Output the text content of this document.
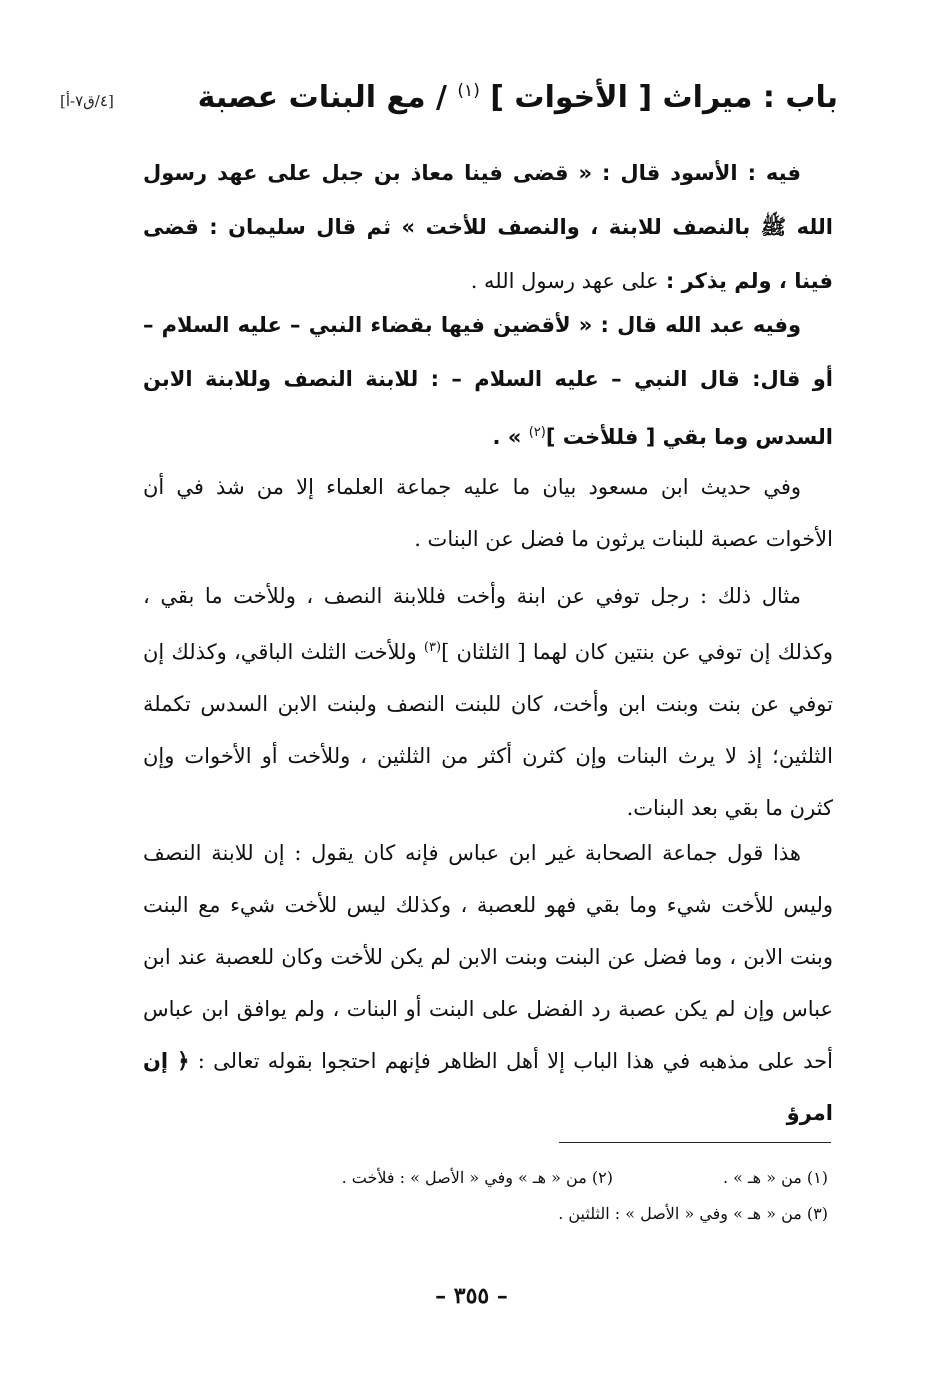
[٤/ق٧-أ]	باب : ميراث [ الأخوات ] $^{(١)}$ / مع البنات عصبة

فيه : الأسود قال : « قضى فينا معاذ بن جبل على عهد رسول الله ﷺ بالنصف للابنة ، والنصف للأخت » ثم قال سليمان : قضى فينا ، ولم يذكر : على عهد رسول الله .

وفيه عبد الله قال : « لأقضين فيها بقضاء النبي – عليه السلام – أو قال: قال النبي – عليه السلام – : للابنة النصف وللابنة الابن السدس وما بقي [ فللأخت ]$^{(٢)}$ » .

وفي حديث ابن مسعود بيان ما عليه جماعة العلماء إلا من شذ في أن الأخوات عصبة للبنات يرثون ما فضل عن البنات .

مثال ذلك : رجل توفي عن ابنة وأخت فللابنة النصف ، وللأخت ما بقي ، وكذلك إن توفي عن بنتين كان لهما [ الثلثان ]$^{(٣)}$ وللأخت الثلث الباقي، وكذلك إن توفي عن بنت وبنت ابن وأخت، كان للبنت النصف ولبنت الابن السدس تكملة الثلثين؛ إذ لا يرث البنات وإن كثرن أكثر من الثلثين ، وللأخت أو الأخوات وإن كثرن ما بقي بعد البنات.

هذا قول جماعة الصحابة غير ابن عباس فإنه كان يقول : إن للابنة النصف وليس للأخت شيء وما بقي فهو للعصبة ، وكذلك ليس للأخت شيء مع البنت وبنت الابن ، وما فضل عن البنت وبنت الابن لم يكن للأخت وكان للعصبة عند ابن عباس وإن لم يكن عصبة رد الفضل على البنت أو البنات ، ولم يوافق ابن عباس أحد على مذهبه في هذا الباب إلا أهل الظاهر فإنهم احتجوا بقوله تعالى : ﴿ إن امرؤ

(١) من « هـ » .(٢) من « هـ » وفي « الأصل » : فلأخت .
(٣) من « هـ » وفي « الأصل » : الثلثين .
– ٣٥٥ –
